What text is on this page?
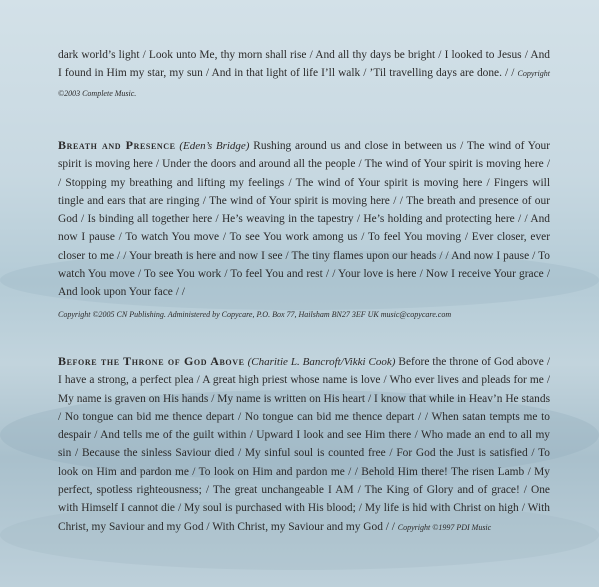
dark world’s light / Look unto Me, thy morn shall rise / And all thy days be bright / I looked to Jesus / And I found in Him my star, my sun / And in that light of life I’ll walk / ’Til travelling days are done. / / Copyright ©2003 Complete Music.

Breath and Presence (Eden’s Bridge) Rushing around us and close in between us / The wind of Your spirit is moving here / Under the doors and around all the people / The wind of Your spirit is moving here / / Stopping my breathing and lifting my feelings / The wind of Your spirit is moving here / Fingers will tingle and ears that are ringing / The wind of Your spirit is moving here / / The breath and presence of our God / Is binding all together here / He’s weaving in the tapestry / He’s holding and protecting here / / And now I pause / To watch You move / To see You work among us / To feel You moving / Ever closer, ever closer to me / / Your breath is here and now I see / The tiny flames upon our heads / / And now I pause / To watch You move / To see You work / To feel You and rest / / Your love is here / Now I receive Your grace / And look upon Your face / /

Copyright ©2005 CN Publishing. Administered by Copycare, P.O. Box 77, Hailsham BN27 3EF UK music@copycare.com

Before the Throne of God Above (Charitie L. Bancroft/Vikki Cook) Before the throne of God above / I have a strong, a perfect plea / A great high priest whose name is love / Who ever lives and pleads for me / My name is graven on His hands / My name is written on His heart / I know that while in Heav’n He stands / No tongue can bid me thence depart / No tongue can bid me thence depart / / When satan tempts me to despair / And tells me of the guilt within / Upward I look and see Him there / Who made an end to all my sin / Because the sinless Saviour died / My sinful soul is counted free / For God the Just is satisfied / To look on Him and pardon me / To look on Him and pardon me / / Behold Him there! The risen Lamb / My perfect, spotless righteousness; / The great unchangeable I AM / The King of Glory and of grace! / One with Himself I cannot die / My soul is purchased with His blood; / My life is hid with Christ on high / With Christ, my Saviour and my God / With Christ, my Saviour and my God / / Copyright ©1997 PDI Music
